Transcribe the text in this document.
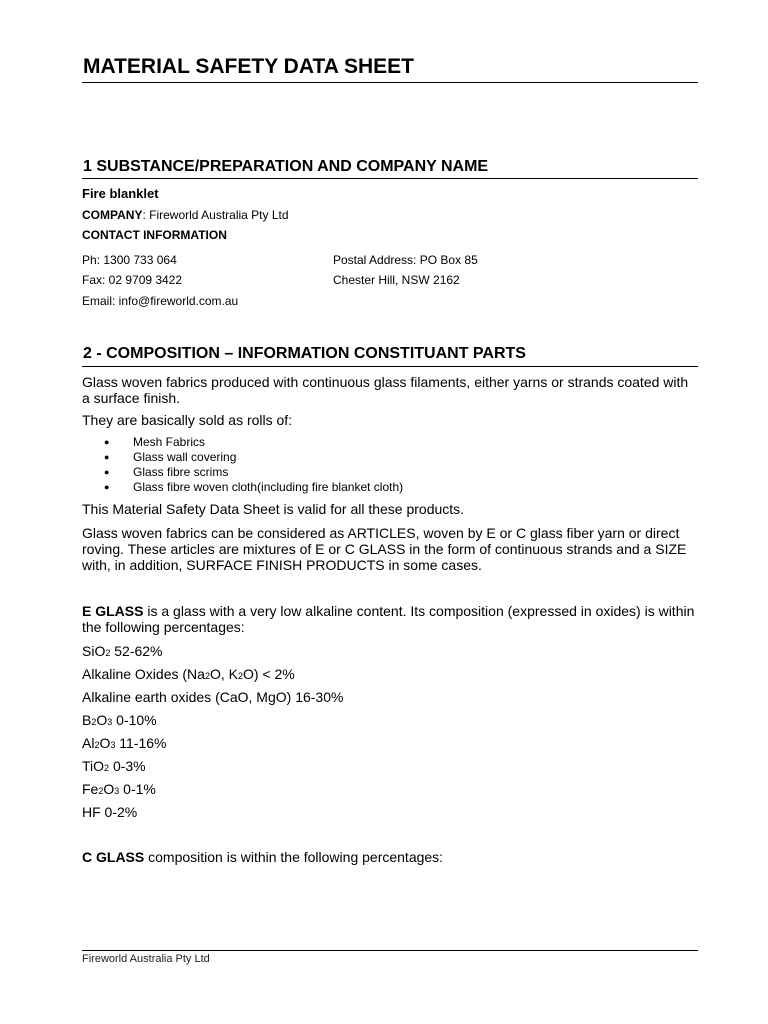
MATERIAL SAFETY DATA SHEET
1 SUBSTANCE/PREPARATION AND COMPANY NAME
Fire blanklet
COMPANY: Fireworld Australia Pty Ltd
CONTACT INFORMATION
Ph: 1300 733 064
Fax: 02 9709 3422
Email: info@fireworld.com.au
Postal Address: PO Box 85
Chester Hill, NSW 2162
2 - COMPOSITION – INFORMATION CONSTITUANT PARTS
Glass woven fabrics produced with continuous glass filaments, either yarns or strands coated with a surface finish.
They are basically sold as rolls of:
● Mesh Fabrics
● Glass wall covering
● Glass fibre scrims
● Glass fibre woven cloth(including fire blanket cloth)
This Material Safety Data Sheet is valid for all these products.
Glass woven fabrics can be considered as ARTICLES, woven by E or C glass fiber yarn or direct roving. These articles are mixtures of E or C GLASS in the form of continuous strands and a SIZE with, in addition, SURFACE FINISH PRODUCTS in some cases.
E GLASS is a glass with a very low alkaline content. Its composition (expressed in oxides) is within the following percentages:
SiO2 52-62%
Alkaline Oxides (Na2O, K2O) < 2%
Alkaline earth oxides (CaO, MgO) 16-30%
B2O3 0-10%
Al2O3 11-16%
TiO2 0-3%
Fe2O3 0-1%
HF 0-2%
C GLASS composition is within the following percentages:
Fireworld Australia Pty Ltd
